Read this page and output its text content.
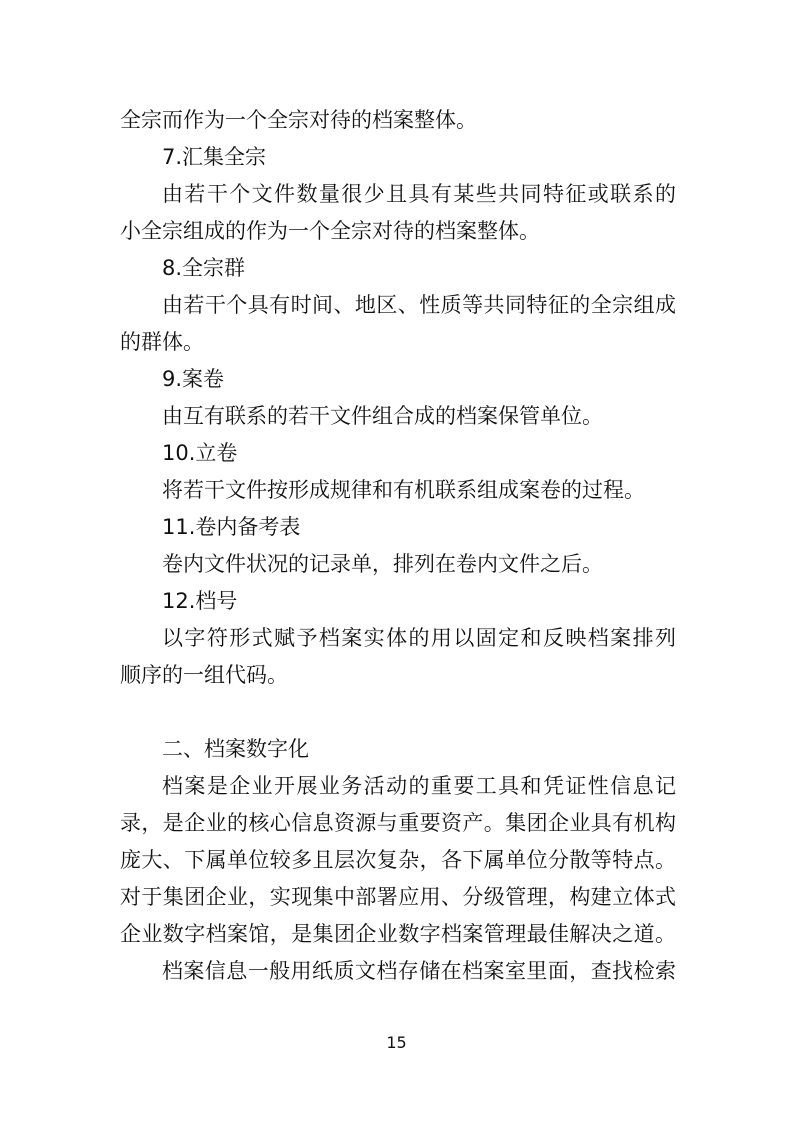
全宗而作为一个全宗对待的档案整体。
7.汇集全宗
由若干个文件数量很少且具有某些共同特征或联系的
小全宗组成的作为一个全宗对待的档案整体。
8.全宗群
由若干个具有时间、地区、性质等共同特征的全宗组成
的群体。
9.案卷
由互有联系的若干文件组合成的档案保管单位。
10.立卷
将若干文件按形成规律和有机联系组成案卷的过程。
11.卷内备考表
卷内文件状况的记录单，排列在卷内文件之后。
12.档号
以字符形式赋予档案实体的用以固定和反映档案排列
顺序的一组代码。
二、档案数字化
档案是企业开展业务活动的重要工具和凭证性信息记
录，是企业的核心信息资源与重要资产。集团企业具有机构
庞大、下属单位较多且层次复杂，各下属单位分散等特点。
对于集团企业，实现集中部署应用、分级管理，构建立体式
企业数字档案馆，是集团企业数字档案管理最佳解决之道。
档案信息一般用纸质文档存储在档案室里面，查找检索
15
